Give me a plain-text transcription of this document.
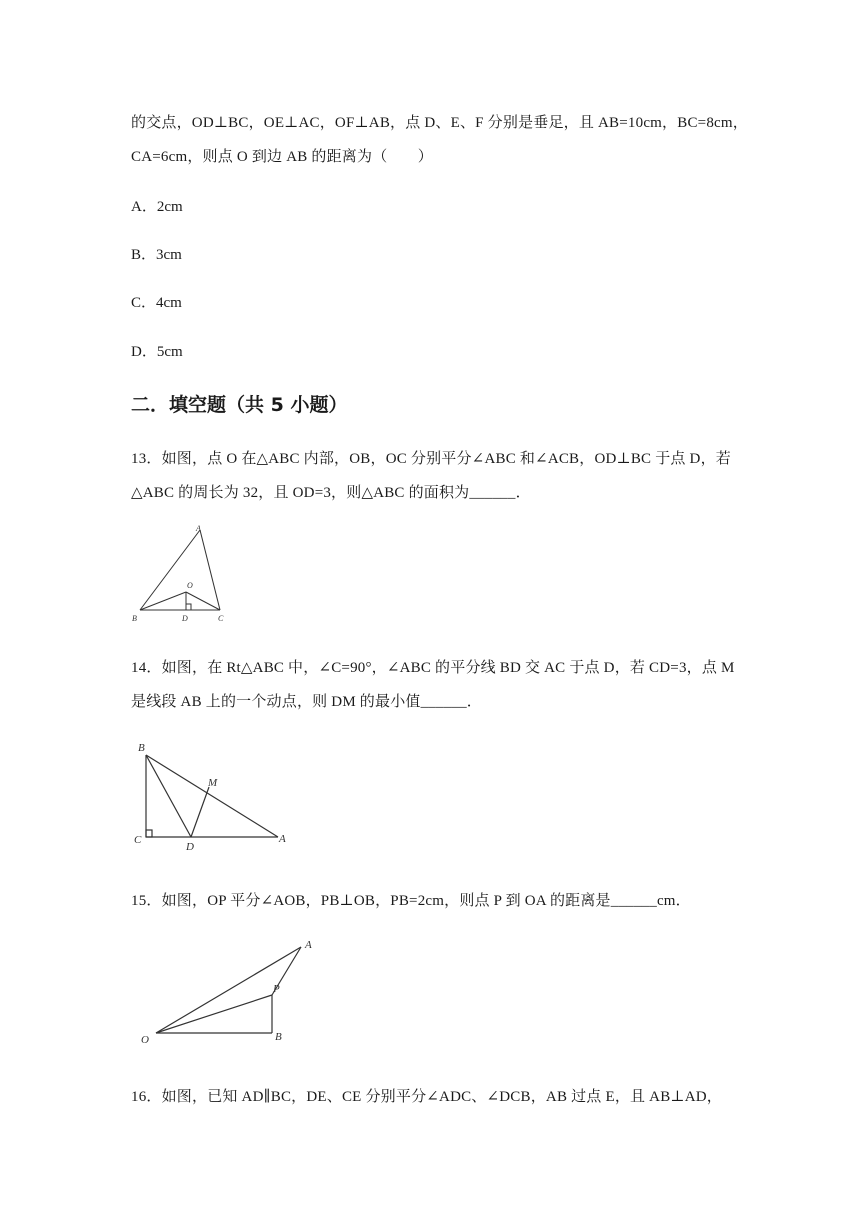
的交点，OD⊥BC，OE⊥AC，OF⊥AB，点 D、E、F 分别是垂足，且 AB=10cm，BC=8cm，
CA=6cm，则点 O 到边 AB 的距离为（　　）
A．2cm
B．3cm
C．4cm
D．5cm
二．填空题（共 5 小题）
13．如图，点 O 在△ABC 内部，OB，OC 分别平分∠ABC 和∠ACB，OD⊥BC 于点 D，若
△ABC 的周长为 32，且 OD=3，则△ABC 的面积为______．
A
B	C
D
O
14．如图，在 Rt△ABC 中，∠C=90°，∠ABC 的平分线 BD 交 AC 于点 D，若 CD=3，点 M
是线段 AB 上的一个动点，则 DM 的最小值______．
B
C
D
A
M
15．如图，OP 平分∠AOB，PB⊥OB，PB=2cm，则点 P 到 OA 的距离是______cm．
A
P
B
O
16．如图，已知 AD∥BC，DE、CE 分别平分∠ADC、∠DCB，AB 过点 E，且 AB⊥AD，
